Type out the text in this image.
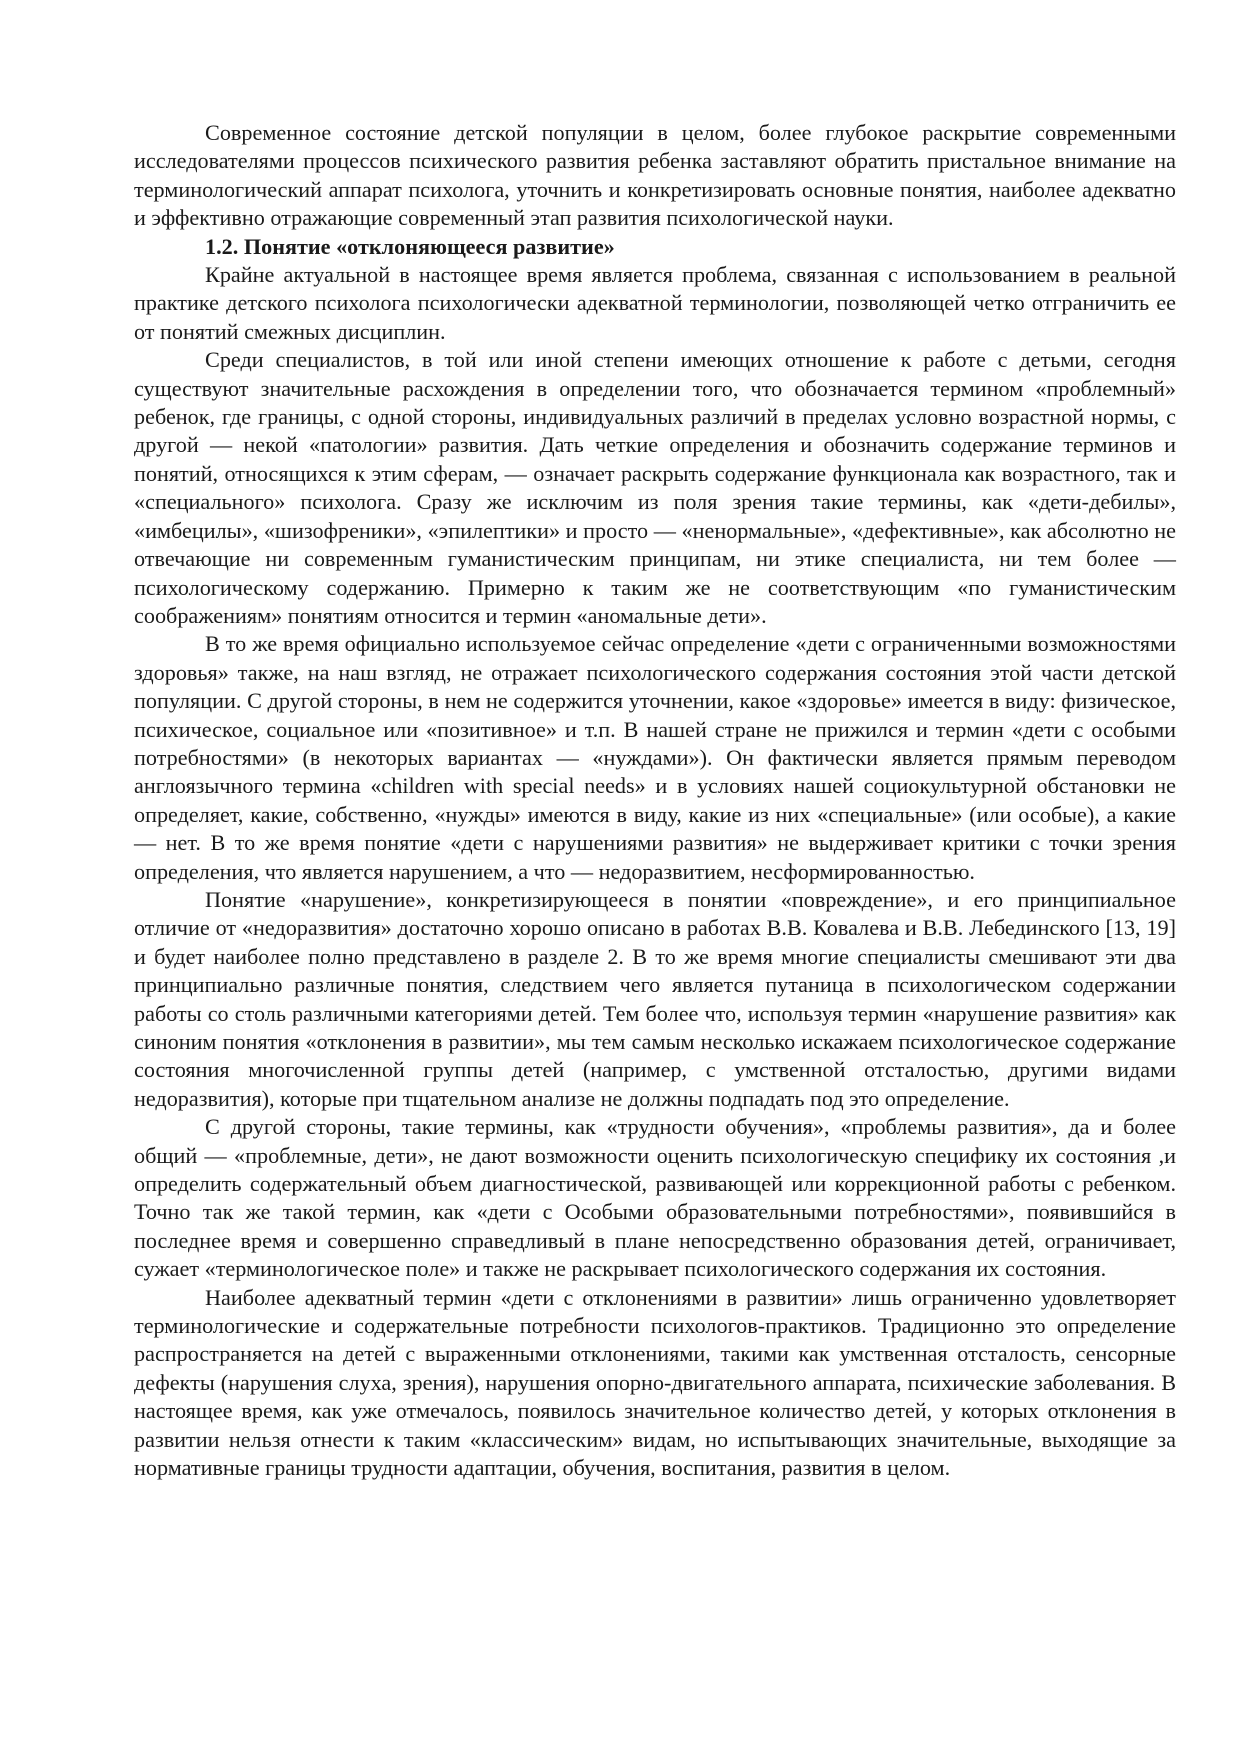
Современное состояние детской популяции в целом, более глубокое раскрытие современными исследователями процессов психического развития ребенка заставляют обратить пристальное внимание на терминологический аппарат психолога, уточнить и конкретизировать основные понятия, наиболее адекватно и эффективно отражающие современный этап развития психологической науки.

1.2. Понятие «отклоняющееся развитие»

Крайне актуальной в настоящее время является проблема, связанная с использованием в реальной практике детского психолога психологически адекватной терминологии, позволяющей четко отграничить ее от понятий смежных дисциплин.

Среди специалистов, в той или иной степени имеющих отношение к работе с детьми, сегодня существуют значительные расхождения в определении того, что обозначается термином «проблемный» ребенок, где границы, с одной стороны, индивидуальных различий в пределах условно возрастной нормы, с другой — некой «патологии» развития. Дать четкие определения и обозначить содержание терминов и понятий, относящихся к этим сферам, — означает раскрыть содержание функционала как возрастного, так и «специального» психолога. Сразу же исключим из поля зрения такие термины, как «дети-дебилы», «имбецилы», «шизофреники», «эпилептики» и просто — «ненормальные», «дефективные», как абсолютно не отвечающие ни современным гуманистическим принципам, ни этике специалиста, ни тем более — психологическому содержанию. Примерно к таким же не соответствующим «по гуманистическим соображениям» понятиям относится и термин «аномальные дети».

В то же время официально используемое сейчас определение «дети с ограниченными возможностями здоровья» также, на наш взгляд, не отражает психологического содержания состояния этой части детской популяции. С другой стороны, в нем не содержится уточнении, какое «здоровье» имеется в виду: физическое, психическое, социальное или «позитивное» и т.п. В нашей стране не прижился и термин «дети с особыми потребностями» (в некоторых вариантах — «нуждами»). Он фактически является прямым переводом англоязычного термина «children with special needs» и в условиях нашей социокультурной обстановки не определяет, какие, собственно, «нужды» имеются в виду, какие из них «специальные» (или особые), а какие — нет. В то же время понятие «дети с нарушениями развития» не выдерживает критики с точки зрения определения, что является нарушением, а что — недоразвитием, несформированностью.

Понятие «нарушение», конкретизирующееся в понятии «повреждение», и его принципиальное отличие от «недоразвития» достаточно хорошо описано в работах В.В. Ковалева и В.В. Лебединского [13, 19] и будет наиболее полно представлено в разделе 2. В то же время многие специалисты смешивают эти два принципиально различные понятия, следствием чего является путаница в психологическом содержании работы со столь различными категориями детей. Тем более что, используя термин «нарушение развития» как синоним понятия «отклонения в развитии», мы тем самым несколько искажаем психологическое содержание состояния многочисленной группы детей (например, с умственной отсталостью, другими видами недоразвития), которые при тщательном анализе не должны подпадать под это определение.

С другой стороны, такие термины, как «трудности обучения», «проблемы развития», да и более общий — «проблемные, дети», не дают возможности оценить психологическую специфику их состояния ,и определить содержательный объем диагностической, развивающей или коррекционной работы с ребенком. Точно так же такой термин, как «дети с Особыми образовательными потребностями», появившийся в последнее время и совершенно справедливый в плане непосредственно образования детей, ограничивает, сужает «терминологическое поле» и также не раскрывает психологического содержания их состояния.

Наиболее адекватный термин «дети с отклонениями в развитии» лишь ограниченно удовлетворяет терминологические и содержательные потребности психологов-практиков. Традиционно это определение распространяется на детей с выраженными отклонениями, такими как умственная отсталость, сенсорные дефекты (нарушения слуха, зрения), нарушения опорно-двигательного аппарата, психические заболевания. В настоящее время, как уже отмечалось, появилось значительное количество детей, у которых отклонения в развитии нельзя отнести к таким «классическим» видам, но испытывающих значительные, выходящие за нормативные границы трудности адаптации, обучения, воспитания, развития в целом.
